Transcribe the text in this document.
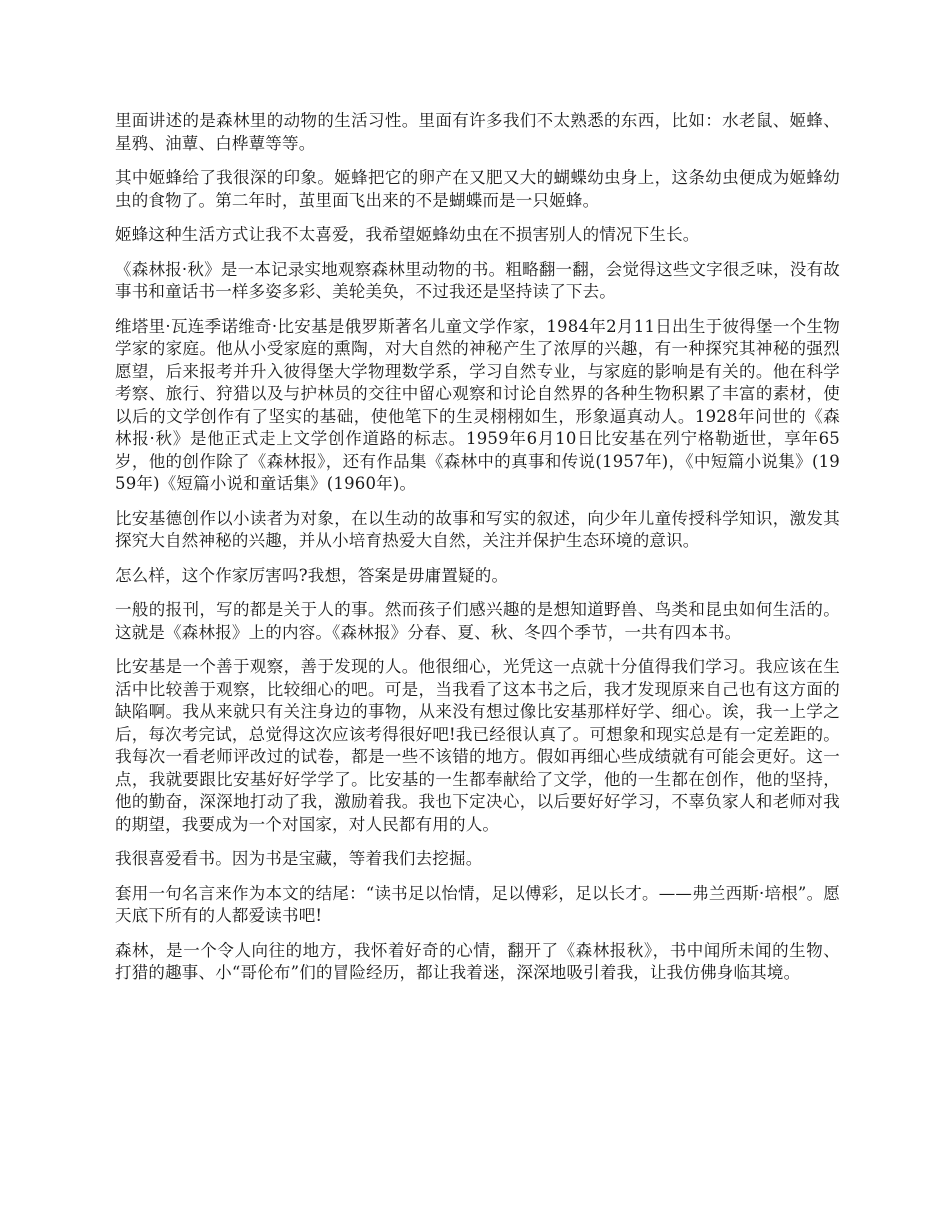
里面讲述的是森林里的动物的生活习性。里面有许多我们不太熟悉的东西，比如：水老鼠、姬蜂、星鸦、油蕈、白桦蕈等等。

其中姬蜂给了我很深的印象。姬蜂把它的卵产在又肥又大的蝴蝶幼虫身上，这条幼虫便成为姬蜂幼虫的食物了。第二年时，茧里面飞出来的不是蝴蝶而是一只姬蜂。

姬蜂这种生活方式让我不太喜爱，我希望姬蜂幼虫在不损害别人的情况下生长。

《森林报·秋》是一本记录实地观察森林里动物的书。粗略翻一翻，会觉得这些文字很乏味，没有故事书和童话书一样多姿多彩、美轮美奂，不过我还是坚持读了下去。

维塔里·瓦连季诺维奇·比安基是俄罗斯著名儿童文学作家，1984年2月11日出生于彼得堡一个生物学家的家庭。他从小受家庭的熏陶，对大自然的神秘产生了浓厚的兴趣，有一种探究其神秘的强烈愿望，后来报考并升入彼得堡大学物理数学系，学习自然专业，与家庭的影响是有关的。他在科学考察、旅行、狩猎以及与护林员的交往中留心观察和讨论自然界的各种生物积累了丰富的素材，使以后的文学创作有了坚实的基础，使他笔下的生灵栩栩如生，形象逼真动人。1928年问世的《森林报·秋》是他正式走上文学创作道路的标志。1959年6月10日比安基在列宁格勒逝世，享年65岁，他的创作除了《森林报》，还有作品集《森林中的真事和传说(1957年)，《中短篇小说集》(1959年)《短篇小说和童话集》(1960年)。

比安基德创作以小读者为对象，在以生动的故事和写实的叙述，向少年儿童传授科学知识，激发其探究大自然神秘的兴趣，并从小培育热爱大自然，关注并保护生态环境的意识。

怎么样，这个作家厉害吗?我想，答案是毋庸置疑的。

一般的报刊，写的都是关于人的事。然而孩子们感兴趣的是想知道野兽、鸟类和昆虫如何生活的。这就是《森林报》上的内容。《森林报》分春、夏、秋、冬四个季节，一共有四本书。

比安基是一个善于观察，善于发现的人。他很细心，光凭这一点就十分值得我们学习。我应该在生活中比较善于观察，比较细心的吧。可是，当我看了这本书之后，我才发现原来自己也有这方面的缺陷啊。我从来就只有关注身边的事物，从来没有想过像比安基那样好学、细心。诶，我一上学之后，每次考完试，总觉得这次应该考得很好吧!我已经很认真了。可想象和现实总是有一定差距的。我每次一看老师评改过的试卷，都是一些不该错的地方。假如再细心些成绩就有可能会更好。这一点，我就要跟比安基好好学学了。比安基的一生都奉献给了文学，他的一生都在创作，他的坚持，他的勤奋，深深地打动了我，激励着我。我也下定决心，以后要好好学习，不辜负家人和老师对我的期望，我要成为一个对国家，对人民都有用的人。

我很喜爱看书。因为书是宝藏，等着我们去挖掘。

套用一句名言来作为本文的结尾：“读书足以怡情，足以傅彩，足以长才。——弗兰西斯·培根”。愿天底下所有的人都爱读书吧!

森林，是一个令人向往的地方，我怀着好奇的心情，翻开了《森林报秋》，书中闻所未闻的生物、打猎的趣事、小“哥伦布”们的冒险经历，都让我着迷，深深地吸引着我，让我仿佛身临其境。
